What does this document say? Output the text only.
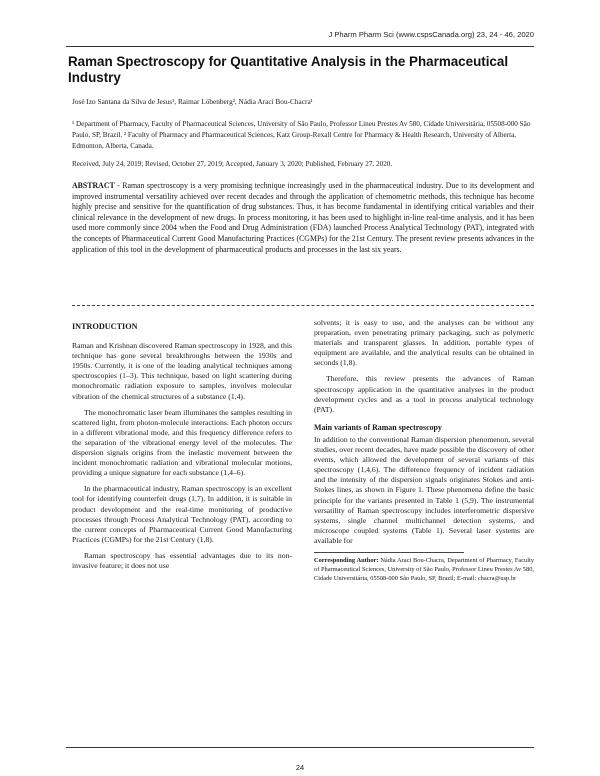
J Pharm Pharm Sci (www.cspsCanada.org) 23, 24 - 46, 2020
Raman Spectroscopy for Quantitative Analysis in the Pharmaceutical Industry
José Izo Santana da Silva de Jesus¹, Raimar Löbenberg², Nádia Araci Bou-Chacra¹
¹ Department of Pharmacy, Faculty of Pharmaceutical Sciences, University of São Paulo, Professor Lineu Prestes Av 580, Cidade Universitária, 05508-000 São Paulo, SP, Brazil. ² Faculty of Pharmacy and Pharmaceutical Sciences, Katz Group-Rexall Centre for Pharmacy & Health Research, University of Alberta, Edmonton, Alberta, Canada.
Received, July 24, 2019; Revised, October 27, 2019; Accepted, January 3, 2020; Published, February 27, 2020.
ABSTRACT - Raman spectroscopy is a very promising technique increasingly used in the pharmaceutical industry. Due to its development and improved instrumental versatility achieved over recent decades and through the application of chemometric methods, this technique has become highly precise and sensitive for the quantification of drug substances. Thus, it has become fundamental in identifying critical variables and their clinical relevance in the development of new drugs. In process monitoring, it has been used to highlight in-line real-time analysis, and it has been used more commonly since 2004 when the Food and Drug Administration (FDA) launched Process Analytical Technology (PAT), integrated with the concepts of Pharmaceutical Current Good Manufacturing Practices (CGMPs) for the 21st Century. The present review presents advances in the application of this tool in the development of pharmaceutical products and processes in the last six years.
INTRODUCTION

Raman and Krishnan discovered Raman spectroscopy in 1928, and this technique has gone several breakthroughs between the 1930s and 1950s. Currently, it is one of the leading analytical techniques among spectroscopies (1–3). This technique, based on light scattering during monochromatic radiation exposure to samples, involves molecular vibration of the chemical structures of a substance (1,4).

The monochromatic laser beam illuminates the samples resulting in scattered light, from photon-molecule interactions. Each photon occurs in a different vibrational mode, and this frequency difference refers to the separation of the vibrational energy level of the molecules. The dispersion signals origins from the inelastic movement between the incident monochromatic radiation and vibrational molecular motions, providing a unique signature for each substance (1,4–6).

In the pharmaceutical industry, Raman spectroscopy is an excellent tool for identifying counterfeit drugs (1,7). In addition, it is suitable in product development and the real-time monitoring of productive processes through Process Analytical Technology (PAT), according to the current concepts of Pharmaceutical Current Good Manufacturing Practices (CGMPs) for the 21st Century (1,8).

Raman spectroscopy has essential advantages due to its non-invasive feature; it does not use

solvents; it is easy to use, and the analyses can be without any preparation, even penetrating primary packaging, such as polymeric materials and transparent glasses. In addition, portable types of equipment are available, and the analytical results can be obtained in seconds (1,8).

Therefore, this review presents the advances of Raman spectroscopy application in the quantitative analyses in the product development cycles and as a tool in process analytical technology (PAT).

Main variants of Raman spectroscopy

In addition to the conventional Raman dispersion phenomenon, several studies, over recent decades, have made possible the discovery of other events, which allowed the development of several variants of this spectroscopy (1,4,6). The difference frequency of incident radiation and the intensity of the dispersion signals originates Stokes and anti-Stokes lines, as shown in Figure 1. These phenomena define the basic principle for the variants presented in Table 1 (5,9). The instrumental versatility of Raman spectroscopy includes interferometric dispersive systems, single channel multichannel detection systems, and microscope coupled systems (Table 1). Several laser systems are available for

Corresponding Author: Nádia Araci Bou-Chacra, Department of Pharmacy, Faculty of Pharmaceutical Sciences, University of São Paulo, Professor Lineu Prestes Av 580, Cidade Universitária, 05508-000 São Paulo, SP, Brazil; E-mail: chacra@usp.br
24
